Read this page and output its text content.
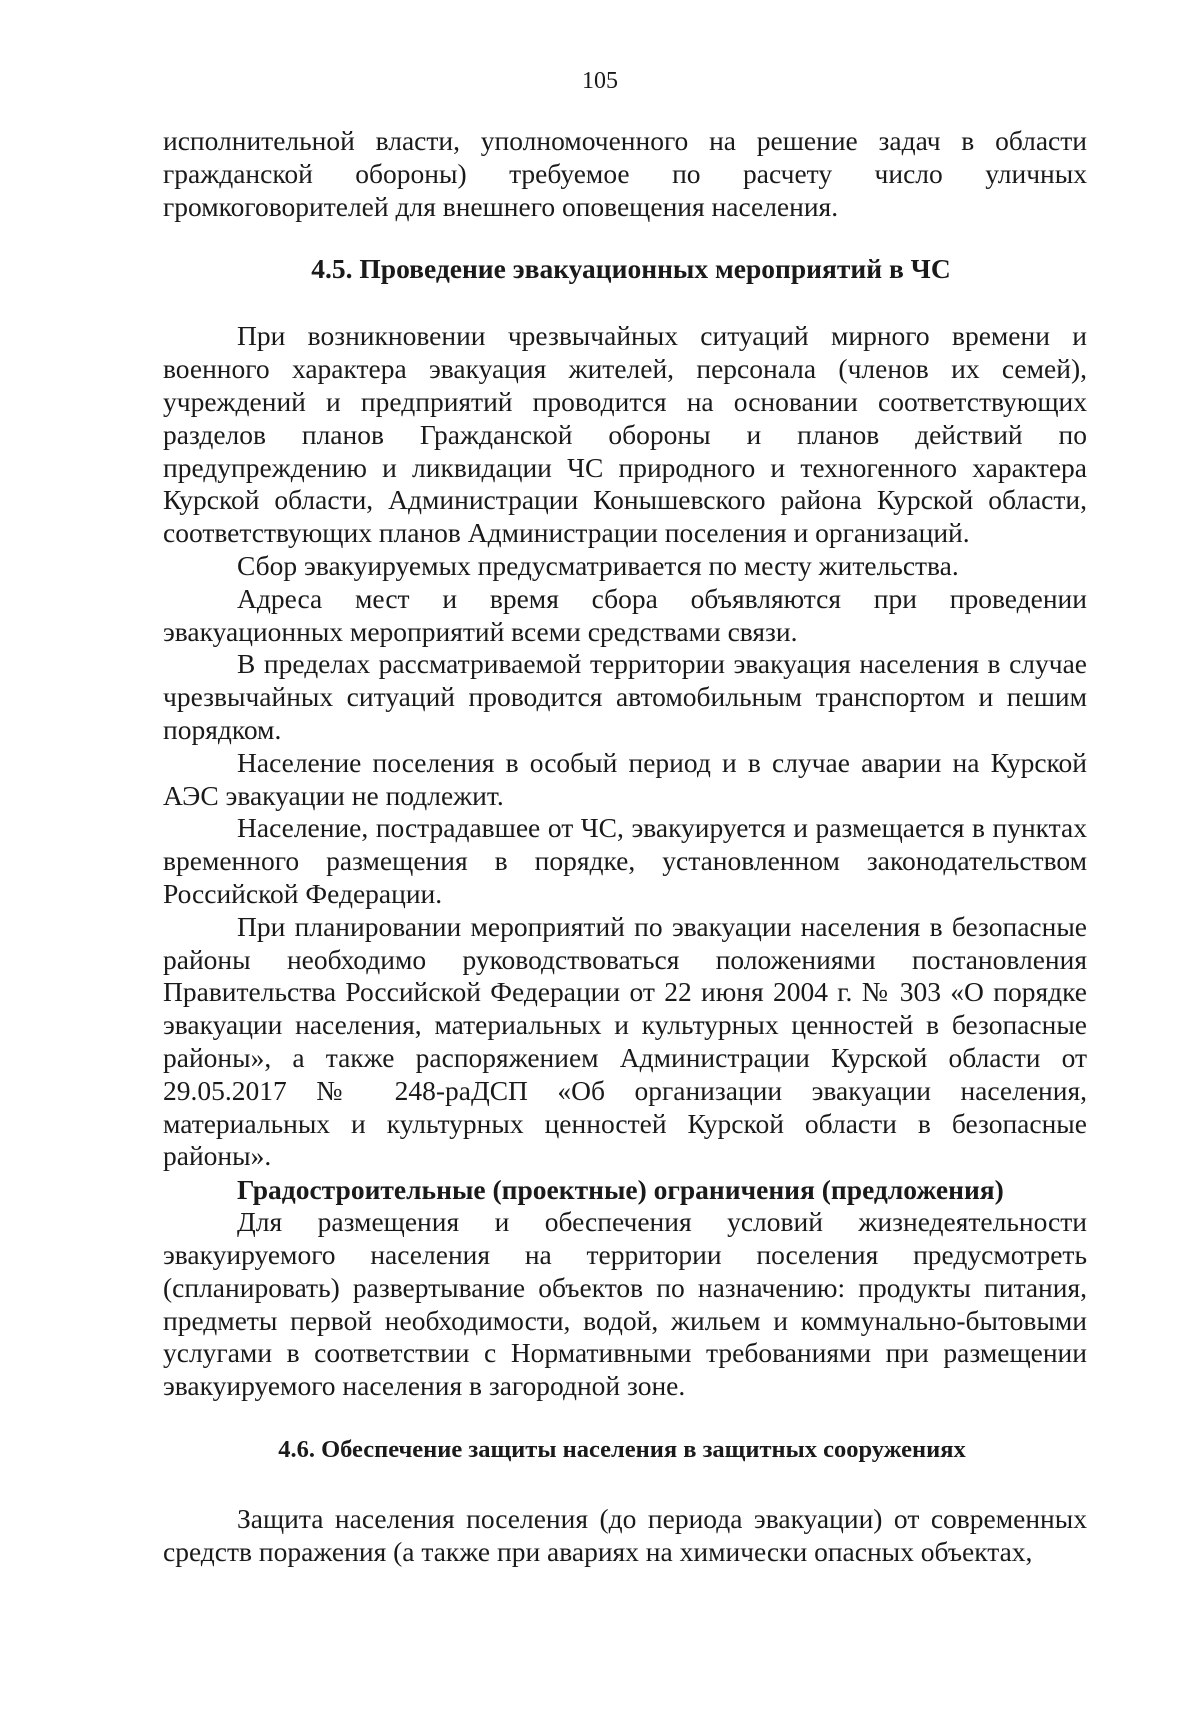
105

исполнительной власти, уполномоченного на решение задач в области гражданской обороны) требуемое по расчету число уличных громкоговорителей для внешнего оповещения населения.

4.5. Проведение эвакуационных мероприятий в ЧС

При возникновении чрезвычайных ситуаций мирного времени и военного характера эвакуация жителей, персонала (членов их семей), учреждений и предприятий проводится на основании соответствующих разделов планов Гражданской обороны и планов действий по предупреждению и ликвидации ЧС природного и техногенного характера Курской области, Администрации Конышевского района Курской области, соответствующих планов Администрации поселения и организаций.

Сбор эвакуируемых предусматривается по месту жительства.

Адреса мест и время сбора объявляются при проведении эвакуационных мероприятий всеми средствами связи.

В пределах рассматриваемой территории эвакуация населения в случае чрезвычайных ситуаций проводится автомобильным транспортом и пешим порядком.

Население поселения в особый период и в случае аварии на Курской АЭС эвакуации не подлежит.

Население, пострадавшее от ЧС, эвакуируется и размещается в пунктах временного размещения в порядке, установленном законодательством Российской Федерации.

При планировании мероприятий по эвакуации населения в безопасные районы необходимо руководствоваться положениями постановления Правительства Российской Федерации от 22 июня 2004 г. № 303 «О порядке эвакуации населения, материальных и культурных ценностей в безопасные районы», а также распоряжением Администрации Курской области от 29.05.2017 № 248-раДСП «Об организации эвакуации населения, материальных и культурных ценностей Курской области в безопасные районы».

Градостроительные (проектные) ограничения (предложения)

Для размещения и обеспечения условий жизнедеятельности эвакуируемого населения на территории поселения предусмотреть (спланировать) развертывание объектов по назначению: продукты питания, предметы первой необходимости, водой, жильем и коммунально-бытовыми услугами в соответствии с Нормативными требованиями при размещении эвакуируемого населения в загородной зоне.

4.6. Обеспечение защиты населения в защитных сооружениях

Защита населения поселения (до периода эвакуации) от современных средств поражения (а также при авариях на химически опасных объектах,
